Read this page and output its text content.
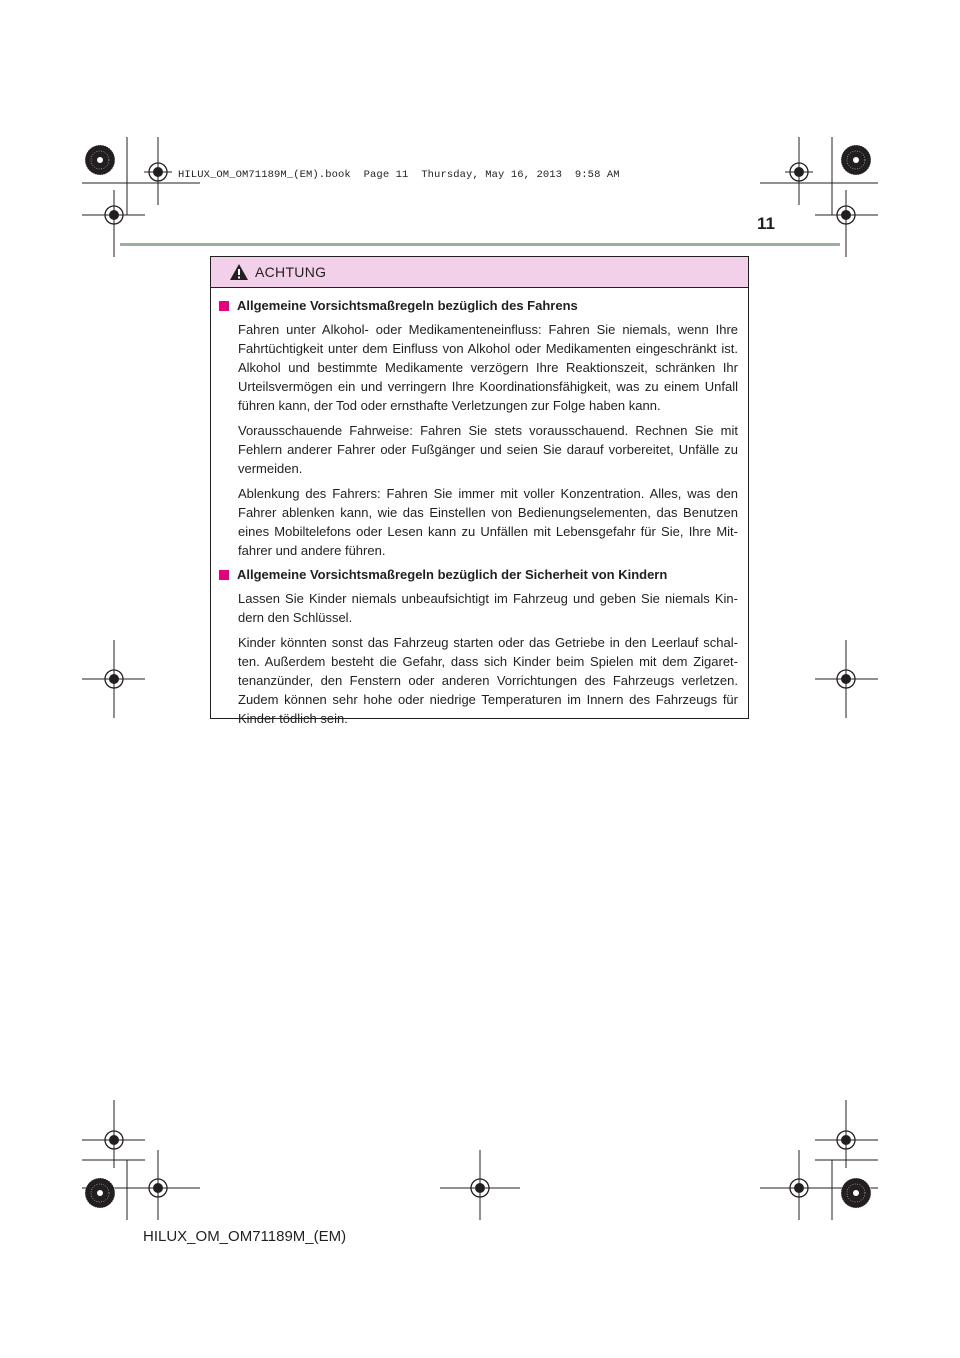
HILUX_OM_OM71189M_(EM).book  Page 11  Thursday, May 16, 2013  9:58 AM
11
ACHTUNG
Allgemeine Vorsichtsmaßregeln bezüglich des Fahrens

Fahren unter Alkohol- oder Medikamenteneinfluss: Fahren Sie niemals, wenn Ihre Fahrtüchtigkeit unter dem Einfluss von Alkohol oder Medikamenten eingeschränkt ist. Alkohol und bestimmte Medikamente verzögern Ihre Reaktionszeit, schränken Ihr Urteilsvermögen ein und verringern Ihre Koordinationsfähigkeit, was zu einem Unfall führen kann, der Tod oder ernsthafte Verletzungen zur Folge haben kann.

Vorausschauende Fahrweise: Fahren Sie stets vorausschauend. Rechnen Sie mit Fehlern anderer Fahrer oder Fußgänger und seien Sie darauf vorbereitet, Unfälle zu vermeiden.

Ablenkung des Fahrers: Fahren Sie immer mit voller Konzentration. Alles, was den Fahrer ablenken kann, wie das Einstellen von Bedienungselementen, das Benutzen eines Mobiltelefons oder Lesen kann zu Unfällen mit Lebensgefahr für Sie, Ihre Mitfahrer und andere führen.

Allgemeine Vorsichtsmaßregeln bezüglich der Sicherheit von Kindern

Lassen Sie Kinder niemals unbeaufsichtigt im Fahrzeug und geben Sie niemals Kindern den Schlüssel.

Kinder könnten sonst das Fahrzeug starten oder das Getriebe in den Leerlauf schalten. Außerdem besteht die Gefahr, dass sich Kinder beim Spielen mit dem Zigarettenanzünder, den Fenstern oder anderen Vorrichtungen des Fahrzeugs verletzen. Zudem können sehr hohe oder niedrige Temperaturen im Innern des Fahrzeugs für Kinder tödlich sein.

HILUX_OM_OM71189M_(EM)
